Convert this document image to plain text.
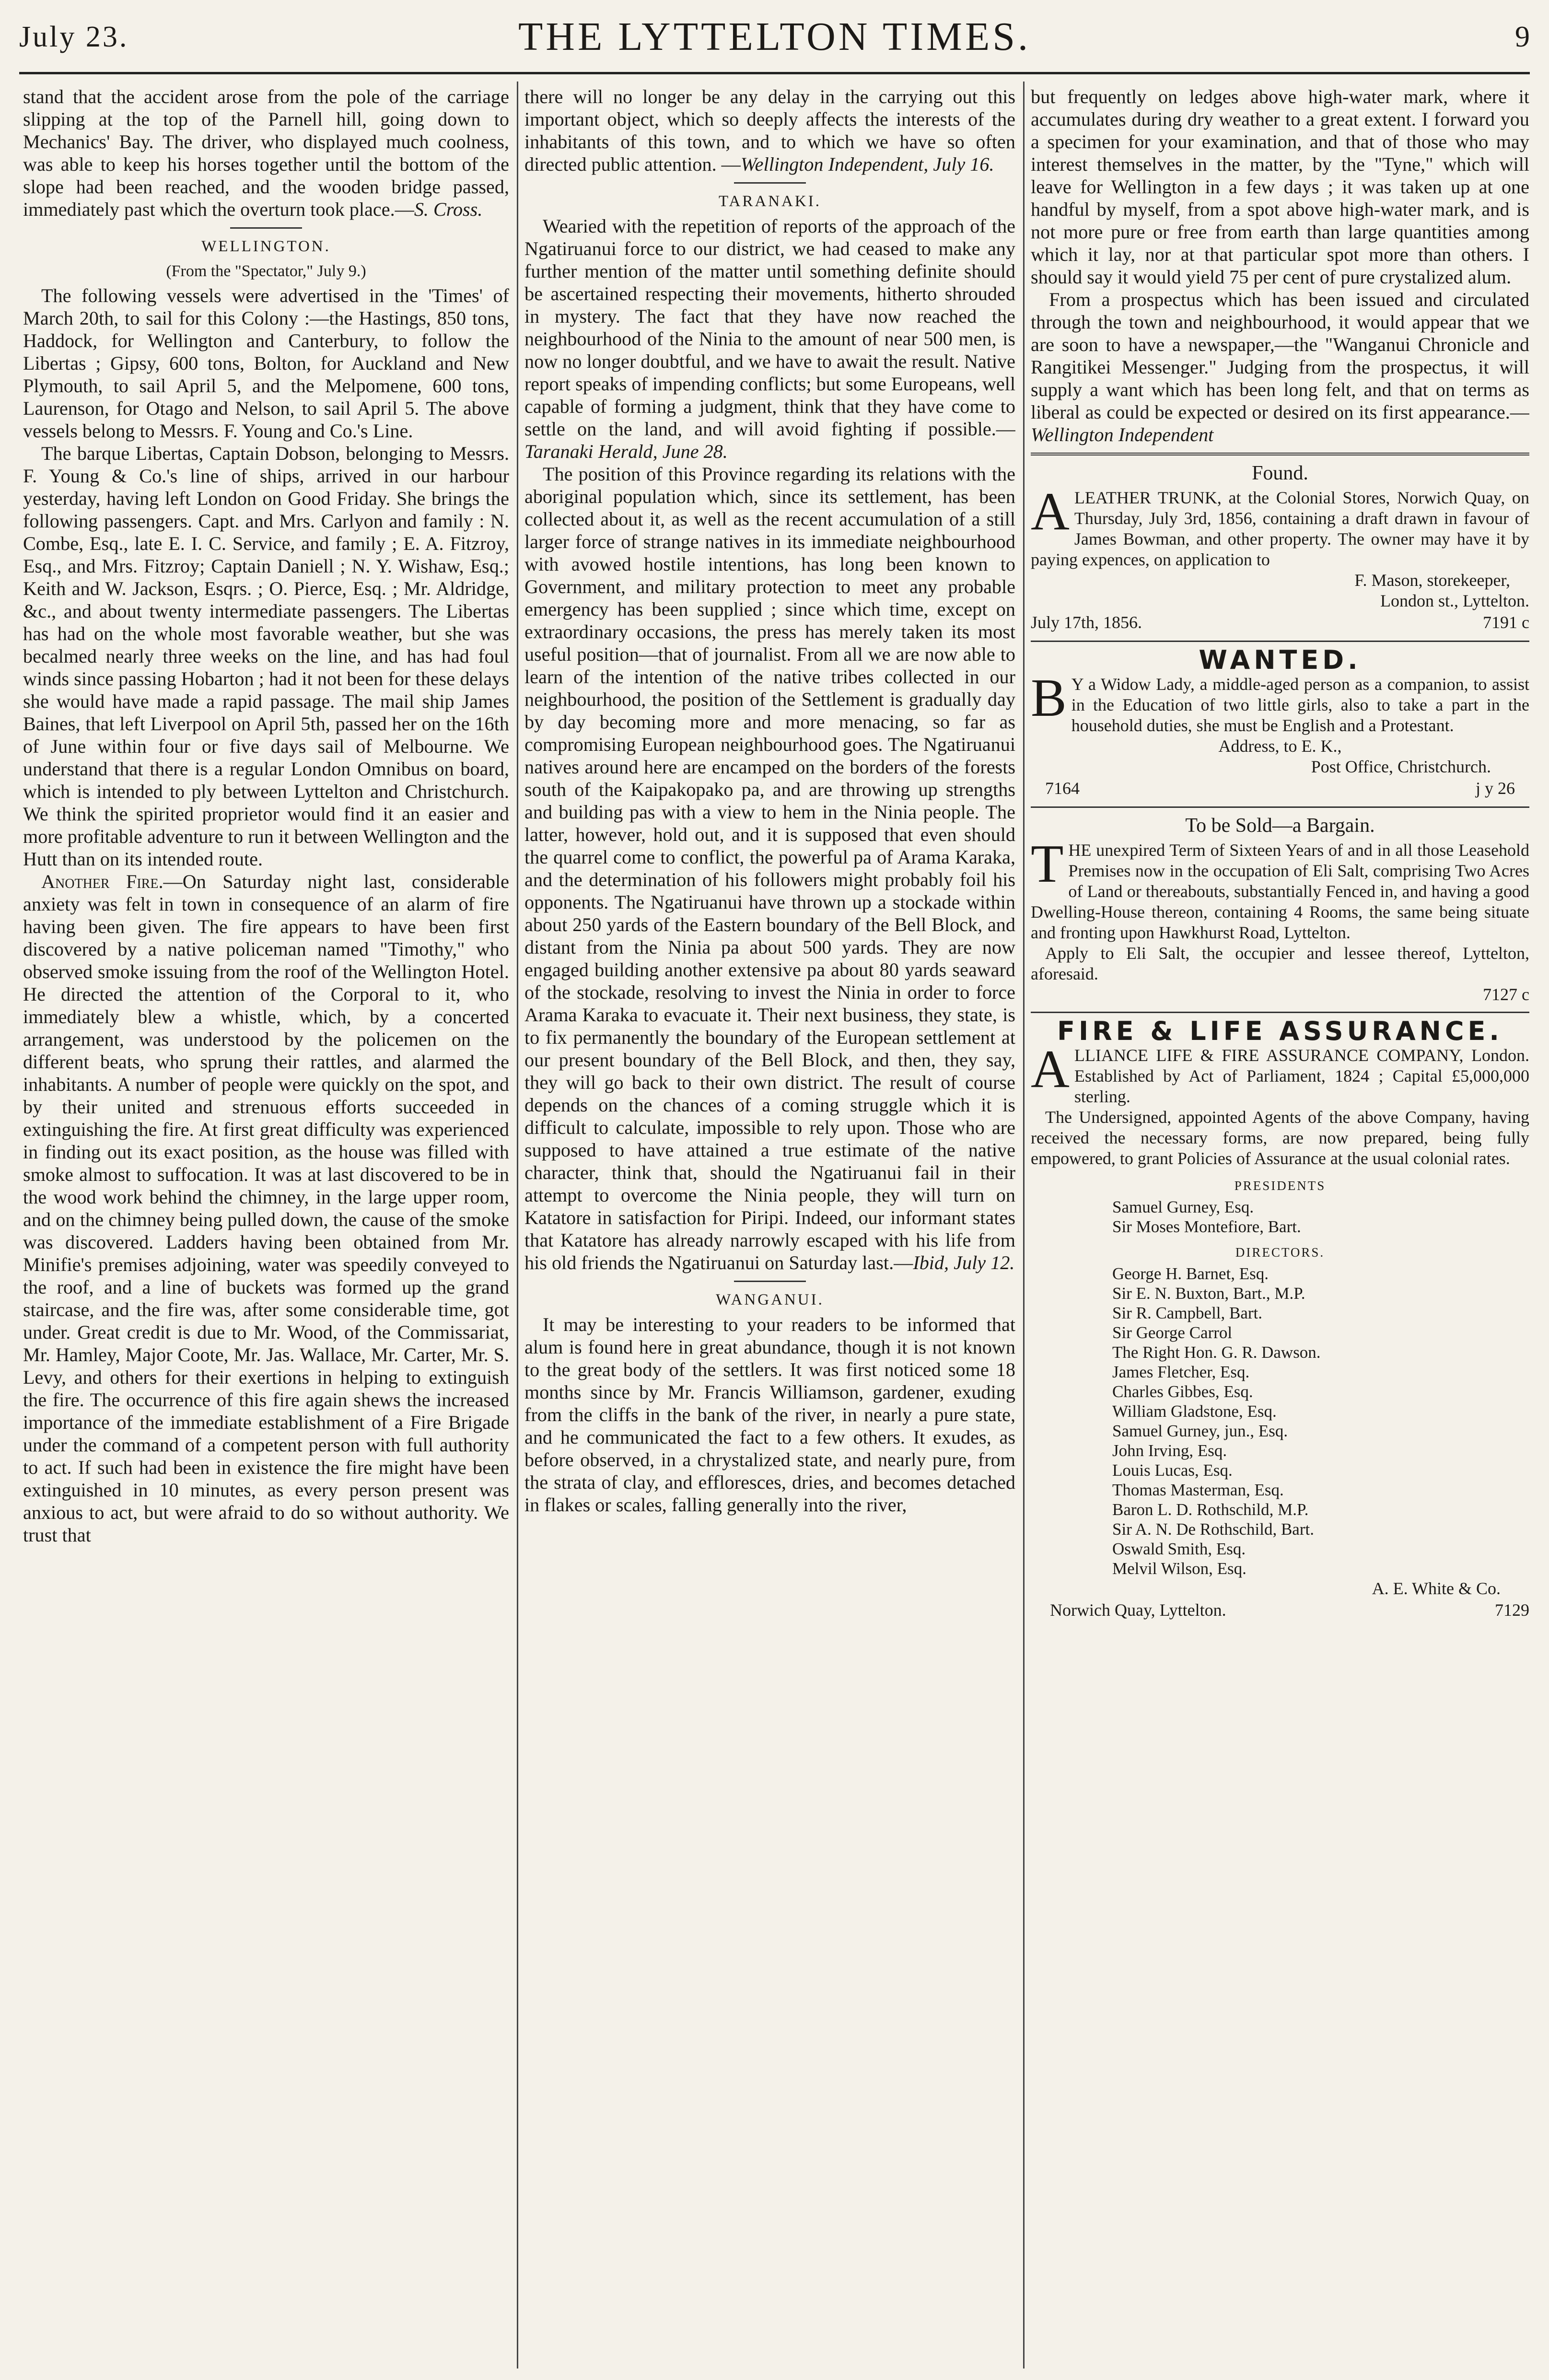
July 23.	THE LYTTELTON TIMES.	9

stand that the accident arose from the pole of the carriage slipping at the top of the Parnell hill, going down to Mechanics' Bay. The driver, who displayed much coolness, was able to keep his horses together until the bottom of the slope had been reached, and the wooden bridge passed, immediately past which the overturn took place.—S. Cross.

WELLINGTON.
(From the "Spectator," July 9.)

The following vessels were advertised in the 'Times' of March 20th, to sail for this Colony :—the Hastings, 850 tons, Haddock, for Wellington and Canterbury, to follow the Libertas ; Gipsy, 600 tons, Bolton, for Auckland and New Plymouth, to sail April 5, and the Melpomene, 600 tons, Laurenson, for Otago and Nelson, to sail April 5. The above vessels belong to Messrs. F. Young and Co.'s Line.

The barque Libertas, Captain Dobson, belonging to Messrs. F. Young & Co.'s line of ships, arrived in our harbour yesterday, having left London on Good Friday. She brings the following passengers. Capt. and Mrs. Carlyon and family : N. Combe, Esq., late E. I. C. Service, and family ; E. A. Fitzroy, Esq., and Mrs. Fitzroy; Captain Daniell ; N. Y. Wishaw, Esq.; Keith and W. Jackson, Esqrs. ; O. Pierce, Esq. ; Mr. Aldridge, &c., and about twenty intermediate passengers. The Libertas has had on the whole most favorable weather, but she was becalmed nearly three weeks on the line, and has had foul winds since passing Hobarton ; had it not been for these delays she would have made a rapid passage. The mail ship James Baines, that left Liverpool on April 5th, passed her on the 16th of June within four or five days sail of Melbourne. We understand that there is a regular London Omnibus on board, which is intended to ply between Lyttelton and Christchurch. We think the spirited proprietor would find it an easier and more profitable adventure to run it between Wellington and the Hutt than on its intended route.

Another Fire.—On Saturday night last, considerable anxiety was felt in town in consequence of an alarm of fire having been given. The fire appears to have been first discovered by a native policeman named "Timothy," who observed smoke issuing from the roof of the Wellington Hotel. He directed the attention of the Corporal to it, who immediately blew a whistle, which, by a concerted arrangement, was understood by the policemen on the different beats, who sprung their rattles, and alarmed the inhabitants. A number of people were quickly on the spot, and by their united and strenuous efforts succeeded in extinguishing the fire. At first great difficulty was experienced in finding out its exact position, as the house was filled with smoke almost to suffocation. It was at last discovered to be in the wood work behind the chimney, in the large upper room, and on the chimney being pulled down, the cause of the smoke was discovered. Ladders having been obtained from Mr. Minifie's premises adjoining, water was speedily conveyed to the roof, and a line of buckets was formed up the grand staircase, and the fire was, after some considerable time, got under. Great credit is due to Mr. Wood, of the Commissariat, Mr. Hamley, Major Coote, Mr. Jas. Wallace, Mr. Carter, Mr. S. Levy, and others for their exertions in helping to extinguish the fire. The occurrence of this fire again shews the increased importance of the immediate establishment of a Fire Brigade under the command of a competent person with full authority to act. If such had been in existence the fire might have been extinguished in 10 minutes, as every person present was anxious to act, but were afraid to do so without authority. We trust that

there will no longer be any delay in the carrying out this important object, which so deeply affects the interests of the inhabitants of this town, and to which we have so often directed public attention. —Wellington Independent, July 16.

TARANAKI.

Wearied with the repetition of reports of the approach of the Ngatiruanui force to our district, we had ceased to make any further mention of the matter until something definite should be ascertained respecting their movements, hitherto shrouded in mystery. The fact that they have now reached the neighbourhood of the Ninia to the amount of near 500 men, is now no longer doubtful, and we have to await the result. Native report speaks of impending conflicts; but some Europeans, well capable of forming a judgment, think that they have come to settle on the land, and will avoid fighting if possible.—Taranaki Herald, June 28.

The position of this Province regarding its relations with the aboriginal population which, since its settlement, has been collected about it, as well as the recent accumulation of a still larger force of strange natives in its immediate neighbourhood with avowed hostile intentions, has long been known to Government, and military protection to meet any probable emergency has been supplied ; since which time, except on extraordinary occasions, the press has merely taken its most useful position—that of journalist. From all we are now able to learn of the intention of the native tribes collected in our neighbourhood, the position of the Settlement is gradually day by day becoming more and more menacing, so far as compromising European neighbourhood goes. The Ngatiruanui natives around here are encamped on the borders of the forests south of the Kaipakopako pa, and are throwing up strengths and building pas with a view to hem in the Ninia people. The latter, however, hold out, and it is supposed that even should the quarrel come to conflict, the powerful pa of Arama Karaka, and the determination of his followers might probably foil his opponents. The Ngatiruanui have thrown up a stockade within about 250 yards of the Eastern boundary of the Bell Block, and distant from the Ninia pa about 500 yards. They are now engaged building another extensive pa about 80 yards seaward of the stockade, resolving to invest the Ninia in order to force Arama Karaka to evacuate it. Their next business, they state, is to fix permanently the boundary of the European settlement at our present boundary of the Bell Block, and then, they say, they will go back to their own district. The result of course depends on the chances of a coming struggle which it is difficult to calculate, impossible to rely upon. Those who are supposed to have attained a true estimate of the native character, think that, should the Ngatiruanui fail in their attempt to overcome the Ninia people, they will turn on Katatore in satisfaction for Piripi. Indeed, our informant states that Katatore has already narrowly escaped with his life from his old friends the Ngatiruanui on Saturday last.—Ibid, July 12.

WANGANUI.

It may be interesting to your readers to be informed that alum is found here in great abundance, though it is not known to the great body of the settlers. It was first noticed some 18 months since by Mr. Francis Williamson, gardener, exuding from the cliffs in the bank of the river, in nearly a pure state, and he communicated the fact to a few others. It exudes, as before observed, in a chrystalized state, and nearly pure, from the strata of clay, and effloresces, dries, and becomes detached in flakes or scales, falling generally into the river,

but frequently on ledges above high-water mark, where it accumulates during dry weather to a great extent. I forward you a specimen for your examination, and that of those who may interest themselves in the matter, by the "Tyne," which will leave for Wellington in a few days ; it was taken up at one handful by myself, from a spot above high-water mark, and is not more pure or free from earth than large quantities among which it lay, nor at that particular spot more than others. I should say it would yield 75 per cent of pure crystalized alum.

From a prospectus which has been issued and circulated through the town and neighbourhood, it would appear that we are soon to have a newspaper,—the "Wanganui Chronicle and Rangitikei Messenger." Judging from the prospectus, it will supply a want which has been long felt, and that on terms as liberal as could be expected or desired on its first appearance.—Wellington Independent

Found.
ALEATHER TRUNK, at the Colonial Stores, Norwich Quay, on Thursday, July 3rd, 1856, containing a draft drawn in favour of James Bowman, and other property. The owner may have it by paying expences, on application to
F. Mason, storekeeper,
London st., Lyttelton.
July 17th, 1856.	7191 c
WANTED.
B Y a Widow Lady, a middle-aged person as a companion, to assist in the Education of two little girls, also to take a part in the household duties, she must be English and a Protestant.
Address, to E. K.,
Post Office, Christchurch.
7164	j y 26
To be Sold—a Bargain.
THE unexpired Term of Sixteen Years of and in all those Leasehold Premises now in the occupation of Eli Salt, comprising Two Acres of Land or thereabouts, substantially Fenced in, and having a good Dwelling-House thereon, containing 4 Rooms, the same being situate and fronting upon Hawkhurst Road, Lyttelton.
Apply to Eli Salt, the occupier and lessee thereof, Lyttelton, aforesaid.
7127 c
FIRE & LIFE ASSURANCE.
ALLIANCE LIFE & FIRE ASSURANCE COMPANY, London. Established by Act of Parliament, 1824 ; Capital £5,000,000 sterling.
The Undersigned, appointed Agents of the above Company, having received the necessary forms, are now prepared, being fully empowered, to grant Policies of Assurance at the usual colonial rates.
PRESIDENTS
Samuel Gurney, Esq.
Sir Moses Montefiore, Bart.
DIRECTORS.
George H. Barnet, Esq.
Sir E. N. Buxton, Bart., M.P.
Sir R. Campbell, Bart.
Sir George Carrol
The Right Hon. G. R. Dawson.
James Fletcher, Esq.
Charles Gibbes, Esq.
William Gladstone, Esq.
Samuel Gurney, jun., Esq.
John Irving, Esq.
Louis Lucas, Esq.
Thomas Masterman, Esq.
Baron L. D. Rothschild, M.P.
Sir A. N. De Rothschild, Bart.
Oswald Smith, Esq.
Melvil Wilson, Esq.
A. E. White & Co.
Norwich Quay, Lyttelton.	7129
